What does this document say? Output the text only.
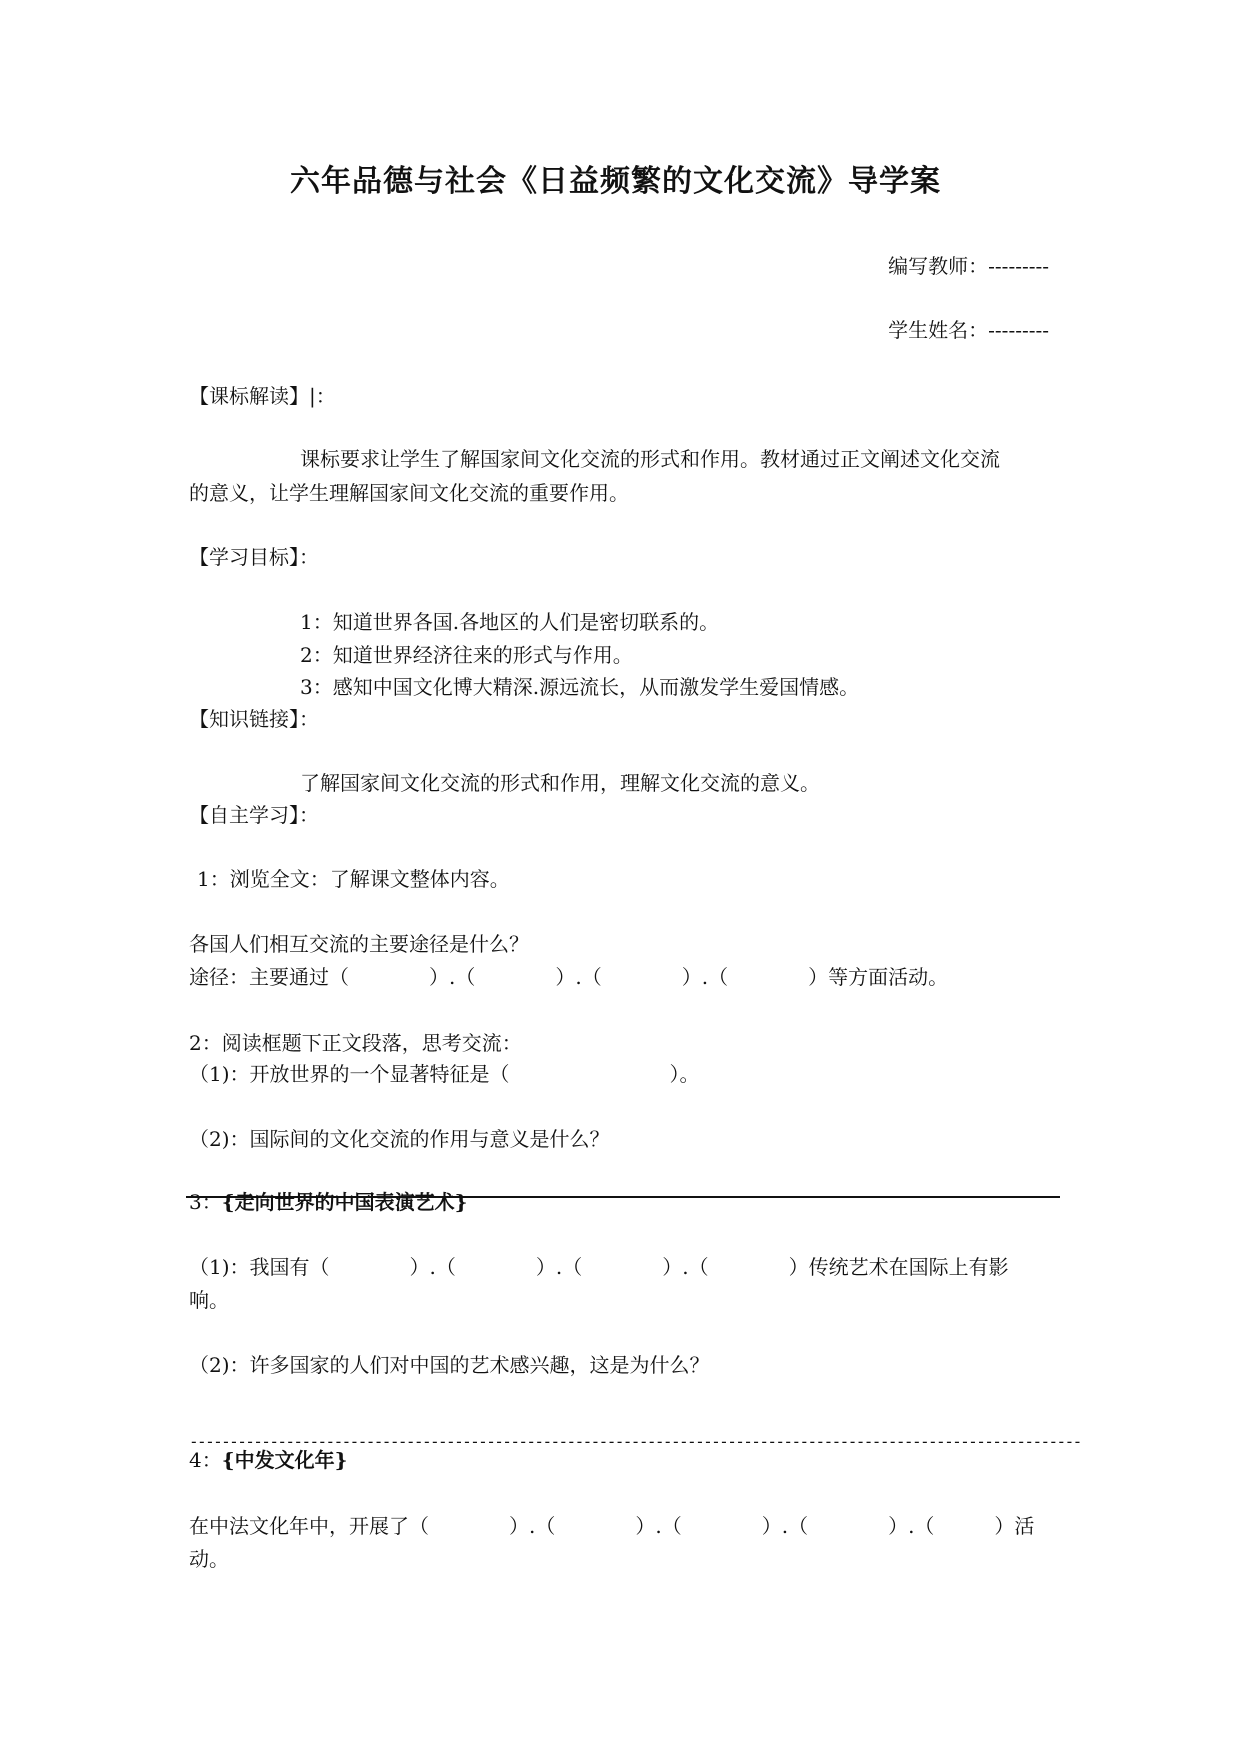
六年品德与社会《日益频繁的文化交流》导学案
编写教师：---------
学生姓名：---------
【课标解读】|：
课标要求让学生了解国家间文化交流的形式和作用。教材通过正文阐述文化交流
的意义，让学生理解国家间文化交流的重要作用。
【学习目标】：
1：知道世界各国.各地区的人们是密切联系的。
2：知道世界经济往来的形式与作用。
3：感知中国文化博大精深.源远流长，从而激发学生爱国情感。
【知识链接】：
了解国家间文化交流的形式和作用，理解文化交流的意义。
【自主学习】：
1：浏览全文：了解课文整体内容。
各国人们相互交流的主要途径是什么？
途径：主要通过（　　　　）.（　　　　）.（　　　　）.（　　　　）等方面活动。
2：阅读框题下正文段落，思考交流：
（1)：开放世界的一个显著特征是（　　　　　　　　）。
（2)：国际间的文化交流的作用与意义是什么？
3：{走向世界的中国表演艺术}
（1)：我国有（　　　　）.（　　　　）.（　　　　）.（　　　　）传统艺术在国际上有影
响。
（2)：许多国家的人们对中国的艺术感兴趣，这是为什么？
---------------------------------------------------------------------------------------------------------------
4：{中发文化年}
在中法文化年中，开展了（　　　　）.（　　　　）.（　　　　）.（　　　　）.（　　　）活
动。
